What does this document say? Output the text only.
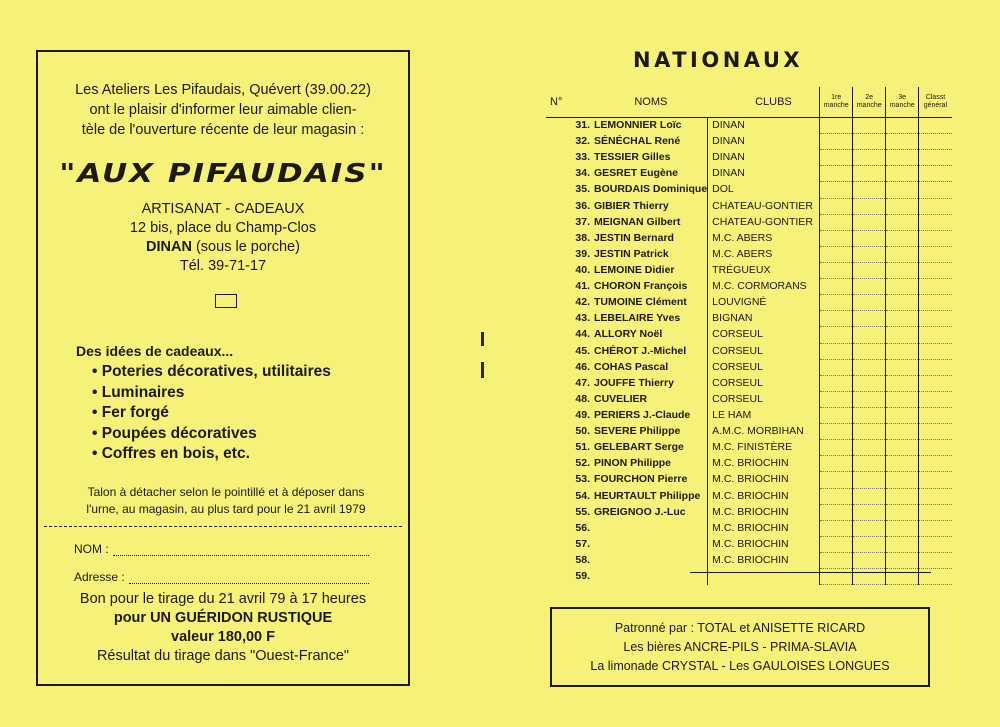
Les Ateliers Les Pifaudais, Quévert (39.00.22)
ont le plaisir d'informer leur aimable clien-
tèle de l'ouverture récente de leur magasin :
"AUX PIFAUDAIS"
ARTISANAT - CADEAUX
12 bis, place du Champ-Clos
DINAN (sous le porche)
Tél. 39-71-17
Des idées de cadeaux...
• Poteries décoratives, utilitaires
• Luminaires
• Fer forgé
• Poupées décoratives
• Coffres en bois, etc.
Talon à détacher selon le pointillé et à déposer dans
l'urne, au magasin, au plus tard pour le 21 avril 1979
NOM :
Adresse :
Bon pour le tirage du 21 avril 79 à 17 heures
pour UN GUÉRIDON RUSTIQUE
valeur 180,00 F
Résultat du tirage dans "Ouest-France"
NATIONAUX
N°	NOMS	CLUBS	1re manche	2e manche	3e manche	Classt général
31.	LEMONNIER Loïc	DINAN				
32.	SÉNÉCHAL René	DINAN				
33.	TESSIER Gilles	DINAN				
34.	GESRET Eugène	DINAN				
35.	BOURDAIS Dominique	DOL				
36.	GIBIER Thierry	CHATEAU-GONTIER				
37.	MEIGNAN Gilbert	CHATEAU-GONTIER				
38.	JESTIN Bernard	M.C. ABERS				
39.	JESTIN Patrick	M.C. ABERS				
40.	LEMOINE Didier	TRÉGUEUX				
41.	CHORON François	M.C. CORMORANS				
42.	TUMOINE Clément	LOUVIGNÉ				
43.	LEBELAIRE Yves	BIGNAN				
44.	ALLORY Noël	CORSEUL				
45.	CHÉROT J.-Michel	CORSEUL				
46.	COHAS Pascal	CORSEUL				
47.	JOUFFE Thierry	CORSEUL				
48.	CUVELIER	CORSEUL				
49.	PERIERS J.-Claude	LE HAM				
50.	SEVERE Philippe	A.M.C. MORBIHAN				
51.	GELEBART Serge	M.C. FINISTÈRE				
52.	PINON Philippe	M.C. BRIOCHIN				
53.	FOURCHON Pierre	M.C. BRIOCHIN				
54.	HEURTAULT Philippe	M.C. BRIOCHIN				
55.	GREIGNOO J.-Luc	M.C. BRIOCHIN				
56.		M.C. BRIOCHIN				
57.		M.C. BRIOCHIN				
58.		M.C. BRIOCHIN				
59.						
Patronné par : TOTAL et ANISETTE RICARD
Les bières ANCRE-PILS - PRIMA-SLAVIA
La limonade CRYSTAL - Les GAULOISES LONGUES
